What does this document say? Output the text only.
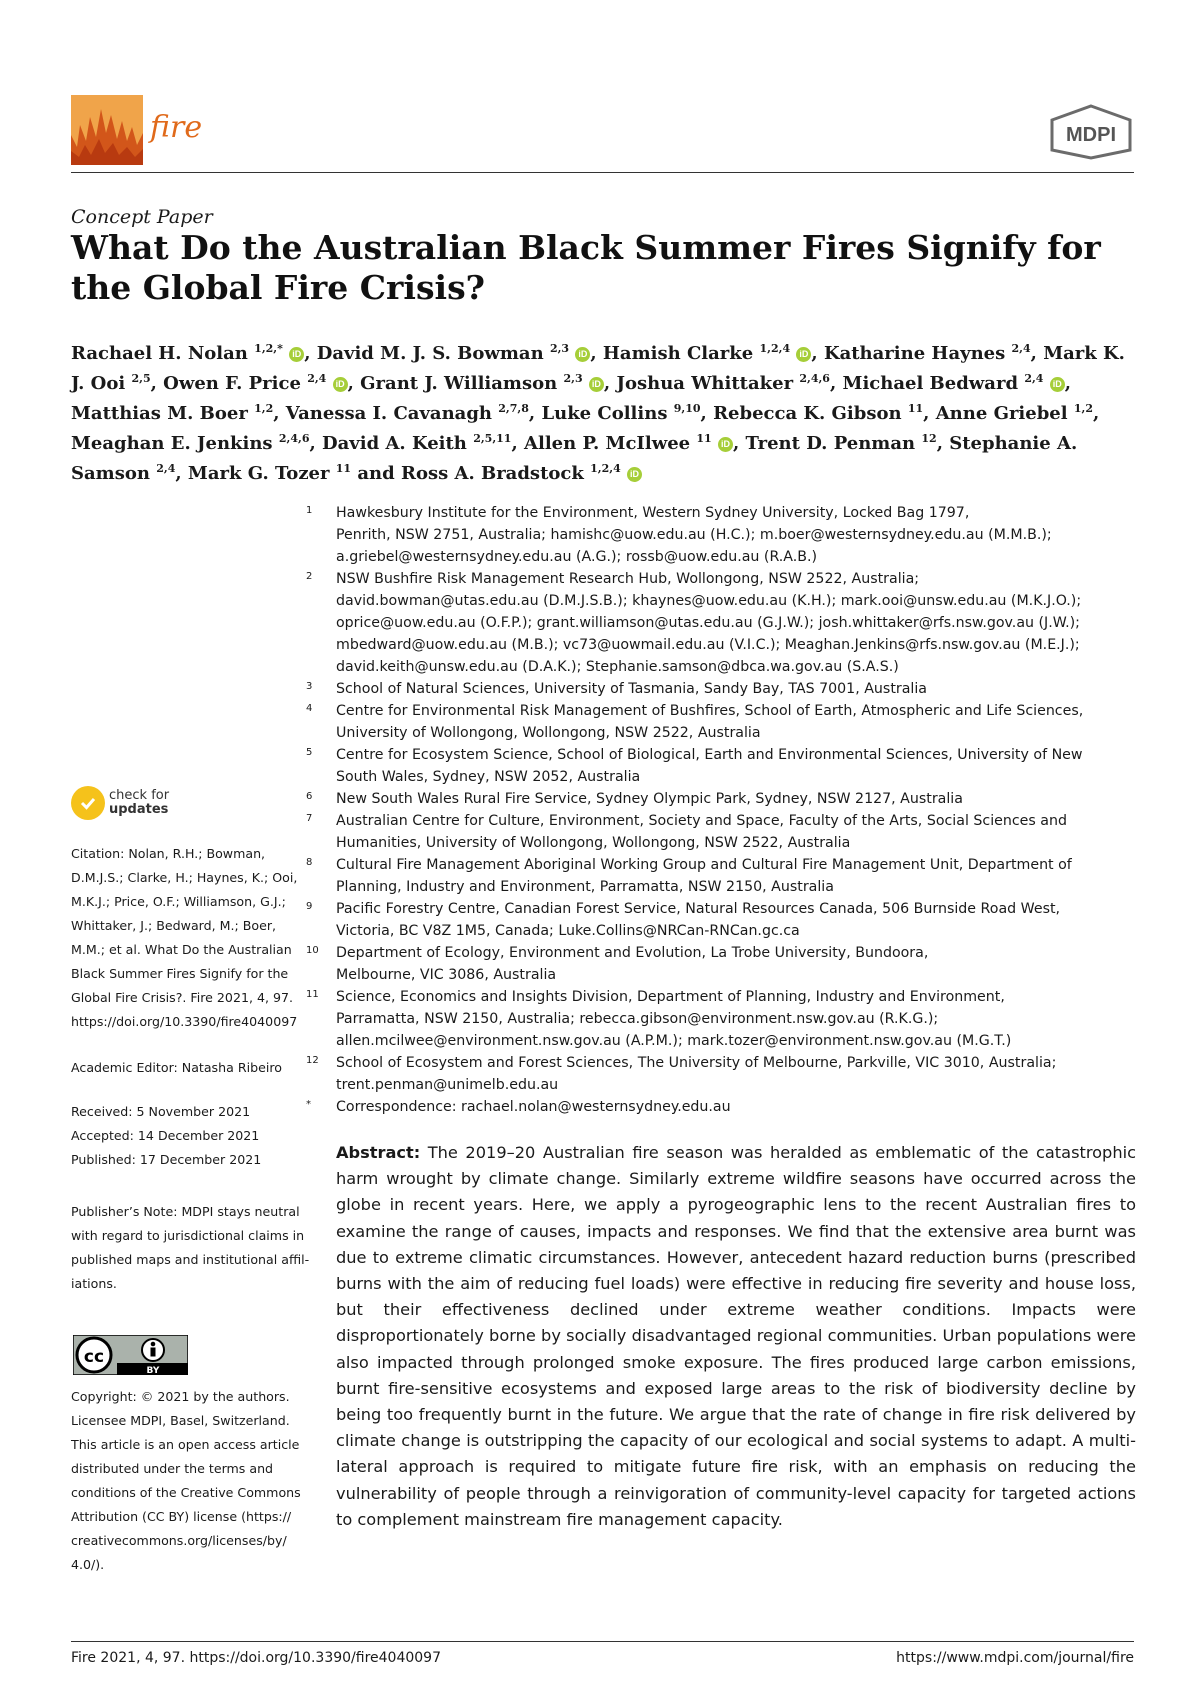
fire	MDPI
Concept Paper
What Do the Australian Black Summer Fires Signify for the Global Fire Crisis?
Rachael H. Nolan $^{1,2,*}$ iD , David M. J. S. Bowman $^{2,3}$ iD , Hamish Clarke $^{1,2,4}$ iD , Katharine Haynes $^{2,4}$, Mark K. J. Ooi $^{2,5}$, Owen F. Price $^{2,4}$ iD , Grant J. Williamson $^{2,3}$ iD , Joshua Whittaker $^{2,4,6}$, Michael Bedward $^{2,4}$ iD , Matthias M. Boer $^{1,2}$, Vanessa I. Cavanagh $^{2,7,8}$, Luke Collins $^{9,10}$, Rebecca K. Gibson $^{11}$, Anne Griebel $^{1,2}$, Meaghan E. Jenkins $^{2,4,6}$, David A. Keith $^{2,5,11}$, Allen P. McIlwee $^{11}$ iD , Trent D. Penman $^{12}$, Stephanie A. Samson $^{2,4}$, Mark G. Tozer $^{11}$ and Ross A. Bradstock $^{1,2,4}$ iD
1 Hawkesbury Institute for the Environment, Western Sydney University, Locked Bag 1797,
Penrith, NSW 2751, Australia; hamishc@uow.edu.au (H.C.); m.boer@westernsydney.edu.au (M.M.B.);
a.griebel@westernsydney.edu.au (A.G.); rossb@uow.edu.au (R.A.B.)
2 NSW Bushfire Risk Management Research Hub, Wollongong, NSW 2522, Australia;
david.bowman@utas.edu.au (D.M.J.S.B.); khaynes@uow.edu.au (K.H.); mark.ooi@unsw.edu.au (M.K.J.O.);
oprice@uow.edu.au (O.F.P.); grant.williamson@utas.edu.au (G.J.W.); josh.whittaker@rfs.nsw.gov.au (J.W.);
mbedward@uow.edu.au (M.B.); vc73@uowmail.edu.au (V.I.C.); Meaghan.Jenkins@rfs.nsw.gov.au (M.E.J.);
david.keith@unsw.edu.au (D.A.K.); Stephanie.samson@dbca.wa.gov.au (S.A.S.)
3 School of Natural Sciences, University of Tasmania, Sandy Bay, TAS 7001, Australia
4 Centre for Environmental Risk Management of Bushfires, School of Earth, Atmospheric and Life Sciences,
University of Wollongong, Wollongong, NSW 2522, Australia
5 Centre for Ecosystem Science, School of Biological, Earth and Environmental Sciences, University of New
South Wales, Sydney, NSW 2052, Australia
6 New South Wales Rural Fire Service, Sydney Olympic Park, Sydney, NSW 2127, Australia
7 Australian Centre for Culture, Environment, Society and Space, Faculty of the Arts, Social Sciences and
Humanities, University of Wollongong, Wollongong, NSW 2522, Australia
8 Cultural Fire Management Aboriginal Working Group and Cultural Fire Management Unit, Department of
Planning, Industry and Environment, Parramatta, NSW 2150, Australia
9 Pacific Forestry Centre, Canadian Forest Service, Natural Resources Canada, 506 Burnside Road West,
Victoria, BC V8Z 1M5, Canada; Luke.Collins@NRCan-RNCan.gc.ca
10 Department of Ecology, Environment and Evolution, La Trobe University, Bundoora,
Melbourne, VIC 3086, Australia
11 Science, Economics and Insights Division, Department of Planning, Industry and Environment,
Parramatta, NSW 2150, Australia; rebecca.gibson@environment.nsw.gov.au (R.K.G.);
allen.mcilwee@environment.nsw.gov.au (A.P.M.); mark.tozer@environment.nsw.gov.au (M.G.T.)
12 School of Ecosystem and Forest Sciences, The University of Melbourne, Parkville, VIC 3010, Australia;
trent.penman@unimelb.edu.au
* Correspondence: rachael.nolan@westernsydney.edu.au
check for
updates
Citation: Nolan, R.H.; Bowman,
D.M.J.S.; Clarke, H.; Haynes, K.; Ooi,
M.K.J.; Price, O.F.; Williamson, G.J.;
Whittaker, J.; Bedward, M.; Boer,
M.M.; et al. What Do the Australian
Black Summer Fires Signify for the
Global Fire Crisis?. Fire 2021, 4, 97.
https://doi.org/10.3390/fire4040097
Academic Editor: Natasha Ribeiro
Received: 5 November 2021
Accepted: 14 December 2021
Published: 17 December 2021
Publisher’s Note: MDPI stays neutral
with regard to jurisdictional claims in
published maps and institutional affil-
iations.
cc
BY
Copyright: © 2021 by the authors.
Licensee MDPI, Basel, Switzerland.
This article is an open access article
distributed under the terms and
conditions of the Creative Commons
Attribution (CC BY) license (https://
creativecommons.org/licenses/by/
4.0/).
Abstract: The 2019–20 Australian fire season was heralded as emblematic of the catastrophic harm wrought by climate change. Similarly extreme wildfire seasons have occurred across the globe in recent years. Here, we apply a pyrogeographic lens to the recent Australian fires to examine the range of causes, impacts and responses. We find that the extensive area burnt was due to extreme climatic circumstances. However, antecedent hazard reduction burns (prescribed burns with the aim of reducing fuel loads) were effective in reducing fire severity and house loss, but their effectiveness declined under extreme weather conditions. Impacts were disproportionately borne by socially disadvantaged regional communities. Urban populations were also impacted through prolonged smoke exposure. The fires produced large carbon emissions, burnt fire-sensitive ecosystems and exposed large areas to the risk of biodiversity decline by being too frequently burnt in the future. We argue that the rate of change in fire risk delivered by climate change is outstripping the capacity of our ecological and social systems to adapt. A multi-lateral approach is required to mitigate future fire risk, with an emphasis on reducing the vulnerability of people through a reinvigoration of community-level capacity for targeted actions to complement mainstream fire management capacity.
Fire 2021, 4, 97. https://doi.org/10.3390/fire4040097	https://www.mdpi.com/journal/fire
